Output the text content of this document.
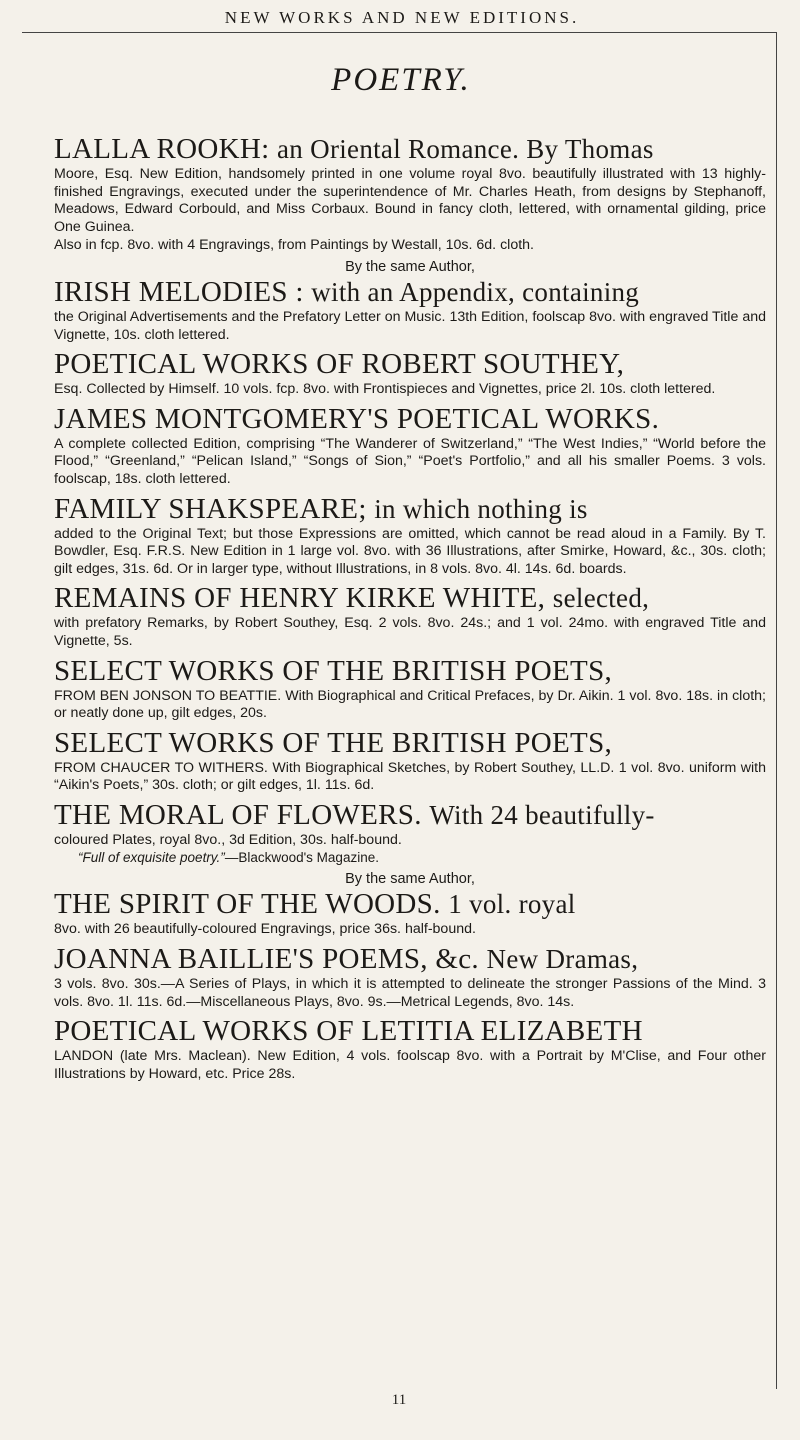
NEW WORKS AND NEW EDITIONS.
POETRY.
LALLA ROOKH: an Oriental Romance. By Thomas
Moore, Esq. New Edition, handsomely printed in one volume royal 8vo. beautifully illustrated with 13 highly-finished Engravings, executed under the superintendence of Mr. Charles Heath, from designs by Stephanoff, Meadows, Edward Corbould, and Miss Corbaux. Bound in fancy cloth, lettered, with ornamental gilding, price One Guinea.
Also in fcp. 8vo. with 4 Engravings, from Paintings by Westall, 10s. 6d. cloth.
By the same Author,
IRISH MELODIES : with an Appendix, containing
the Original Advertisements and the Prefatory Letter on Music. 13th Edition, foolscap 8vo. with engraved Title and Vignette, 10s. cloth lettered.
POETICAL WORKS OF ROBERT SOUTHEY,
Esq. Collected by Himself. 10 vols. fcp. 8vo. with Frontispieces and Vignettes, price 2l. 10s. cloth lettered.
JAMES MONTGOMERY'S POETICAL WORKS.
A complete collected Edition, comprising “The Wanderer of Switzerland,” “The West Indies,” “World before the Flood,” “Greenland,” “Pelican Island,” “Songs of Sion,” “Poet's Portfolio,” and all his smaller Poems. 3 vols. foolscap, 18s. cloth lettered.
FAMILY SHAKSPEARE; in which nothing is
added to the Original Text; but those Expressions are omitted, which cannot be read aloud in a Family. By T. Bowdler, Esq. F.R.S. New Edition in 1 large vol. 8vo. with 36 Illustrations, after Smirke, Howard, &c., 30s. cloth; gilt edges, 31s. 6d. Or in larger type, without Illustrations, in 8 vols. 8vo. 4l. 14s. 6d. boards.
REMAINS OF HENRY KIRKE WHITE, selected,
with prefatory Remarks, by Robert Southey, Esq. 2 vols. 8vo. 24s.; and 1 vol. 24mo. with engraved Title and Vignette, 5s.
SELECT WORKS OF THE BRITISH POETS,
FROM BEN JONSON TO BEATTIE. With Biographical and Critical Prefaces, by Dr. Aikin. 1 vol. 8vo. 18s. in cloth; or neatly done up, gilt edges, 20s.
SELECT WORKS OF THE BRITISH POETS,
FROM CHAUCER TO WITHERS. With Biographical Sketches, by Robert Southey, LL.D. 1 vol. 8vo. uniform with “Aikin's Poets,” 30s. cloth; or gilt edges, 1l. 11s. 6d.
THE MORAL OF FLOWERS. With 24 beautifully-
coloured Plates, royal 8vo., 3d Edition, 30s. half-bound.
“Full of exquisite poetry.”—Blackwood's Magazine.
By the same Author,
THE SPIRIT OF THE WOODS. 1 vol. royal
8vo. with 26 beautifully-coloured Engravings, price 36s. half-bound.
JOANNA BAILLIE'S POEMS, &c. New Dramas,
3 vols. 8vo. 30s.—A Series of Plays, in which it is attempted to delineate the stronger Passions of the Mind. 3 vols. 8vo. 1l. 11s. 6d.—Miscellaneous Plays, 8vo. 9s.—Metrical Legends, 8vo. 14s.
POETICAL WORKS OF LETITIA ELIZABETH
LANDON (late Mrs. Maclean). New Edition, 4 vols. foolscap 8vo. with a Portrait by M'Clise, and Four other Illustrations by Howard, etc. Price 28s.
11
